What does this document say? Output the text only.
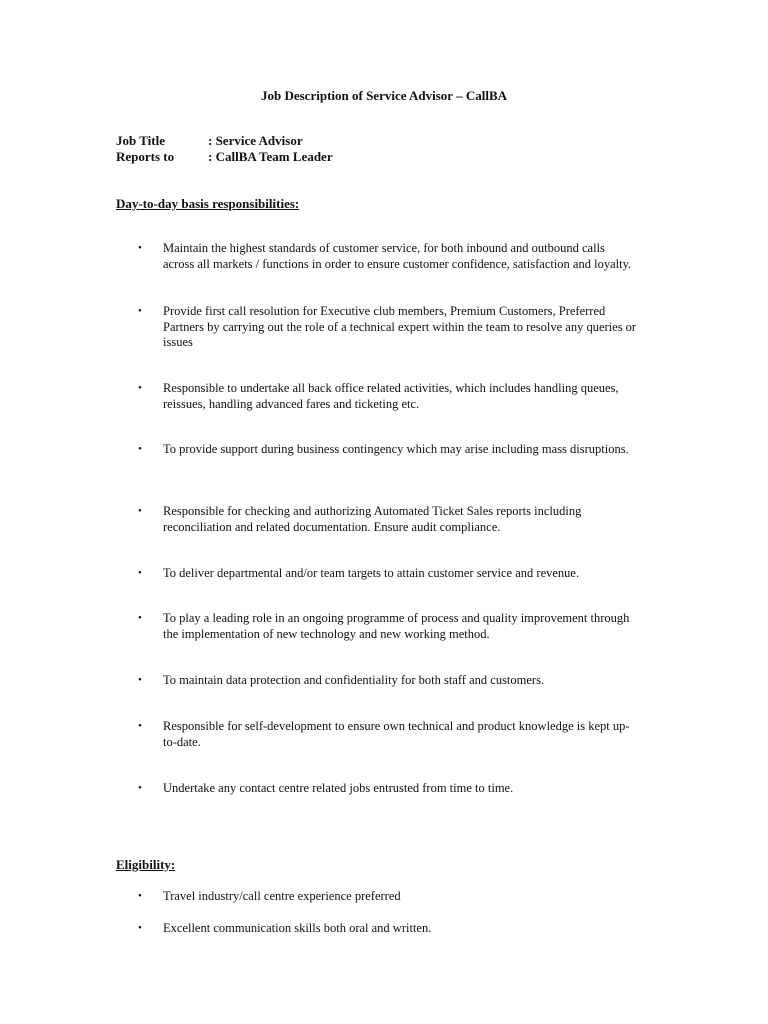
Job Description of Service Advisor – CallBA
Job Title	: Service Advisor
Reports to	: CallBA Team Leader
Day-to-day basis responsibilities:
• Maintain the highest standards of customer service, for both inbound and outbound calls across all markets / functions in order to ensure customer confidence, satisfaction and loyalty.
• Provide first call resolution for Executive club members, Premium Customers, Preferred Partners by carrying out the role of a technical expert within the team to resolve any queries or issues
• Responsible to undertake all back office related activities, which includes handling queues, reissues, handling advanced fares and ticketing etc.
• To provide support during business contingency which may arise including mass disruptions.
• Responsible for checking and authorizing Automated Ticket Sales reports including reconciliation and related documentation. Ensure audit compliance.
• To deliver departmental and/or team targets to attain customer service and revenue.
• To play a leading role in an ongoing programme of process and quality improvement through the implementation of new technology and new working method.
• To maintain data protection and confidentiality for both staff and customers.
• Responsible for self-development to ensure own technical and product knowledge is kept up-to-date.
• Undertake any contact centre related jobs entrusted from time to time.
Eligibility:
• Travel industry/call centre experience preferred
• Excellent communication skills both oral and written.
